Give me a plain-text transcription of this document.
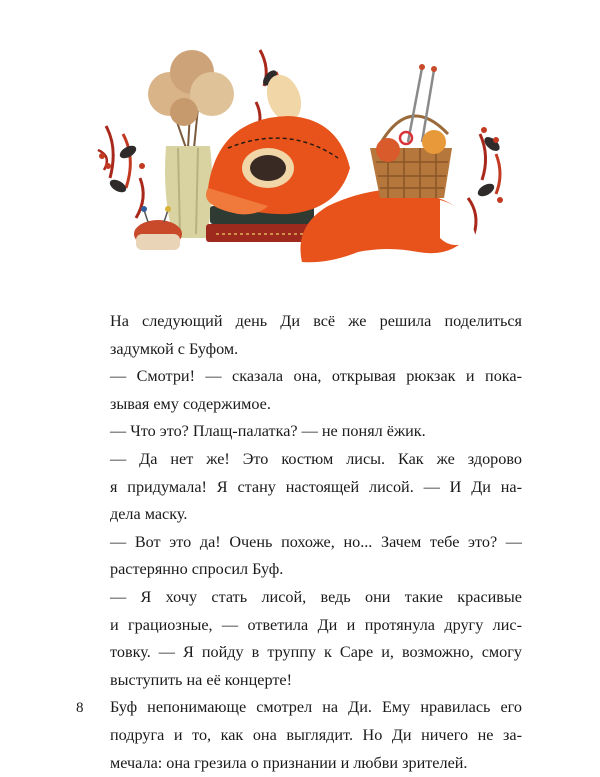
На следующий день Ди всё же решила поделиться

задумкой с Буфом.

— Смотри! — сказала она, открывая рюкзак и пока-

зывая ему содержимое.

— Что это? Плащ-палатка? — не понял ёжик.

— Да нет же! Это костюм лисы. Как же здорово

я придумала! Я стану настоящей лисой. — И Ди на-

дела маску.

— Вот это да! Очень похоже, но... Зачем тебе это? —

растерянно спросил Буф.

— Я хочу стать лисой, ведь они такие красивые

и грациозные, — ответила Ди и протянула другу лис-

товку. — Я пойду в труппу к Саре и, возможно, смогу

выступить на её концерте!

Буф непонимающе смотрел на Ди. Ему нравилась его

подруга и то, как она выглядит. Но Ди ничего не за-

мечала: она грезила о признании и любви зрителей.

8
